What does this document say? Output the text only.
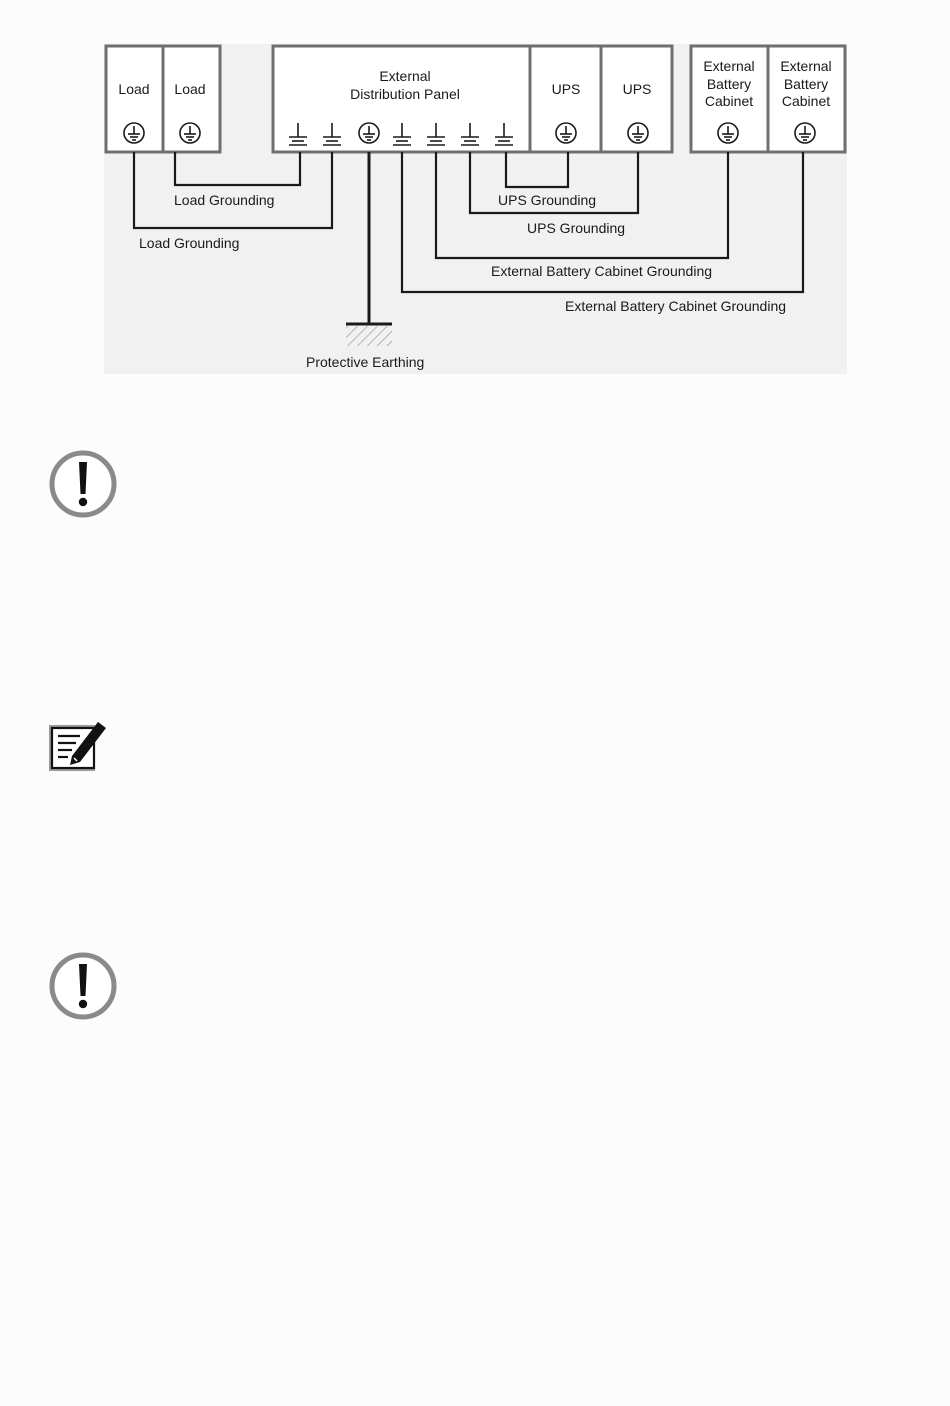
Load Load
External
Distribution Panel	UPS	UPS
External
Battery
Cabinet
External
Battery
Cabinet
Load Grounding
Load Grounding
UPS Grounding
UPS Grounding
External Battery Cabinet Grounding
External Battery Cabinet Grounding
Protective Earthing
